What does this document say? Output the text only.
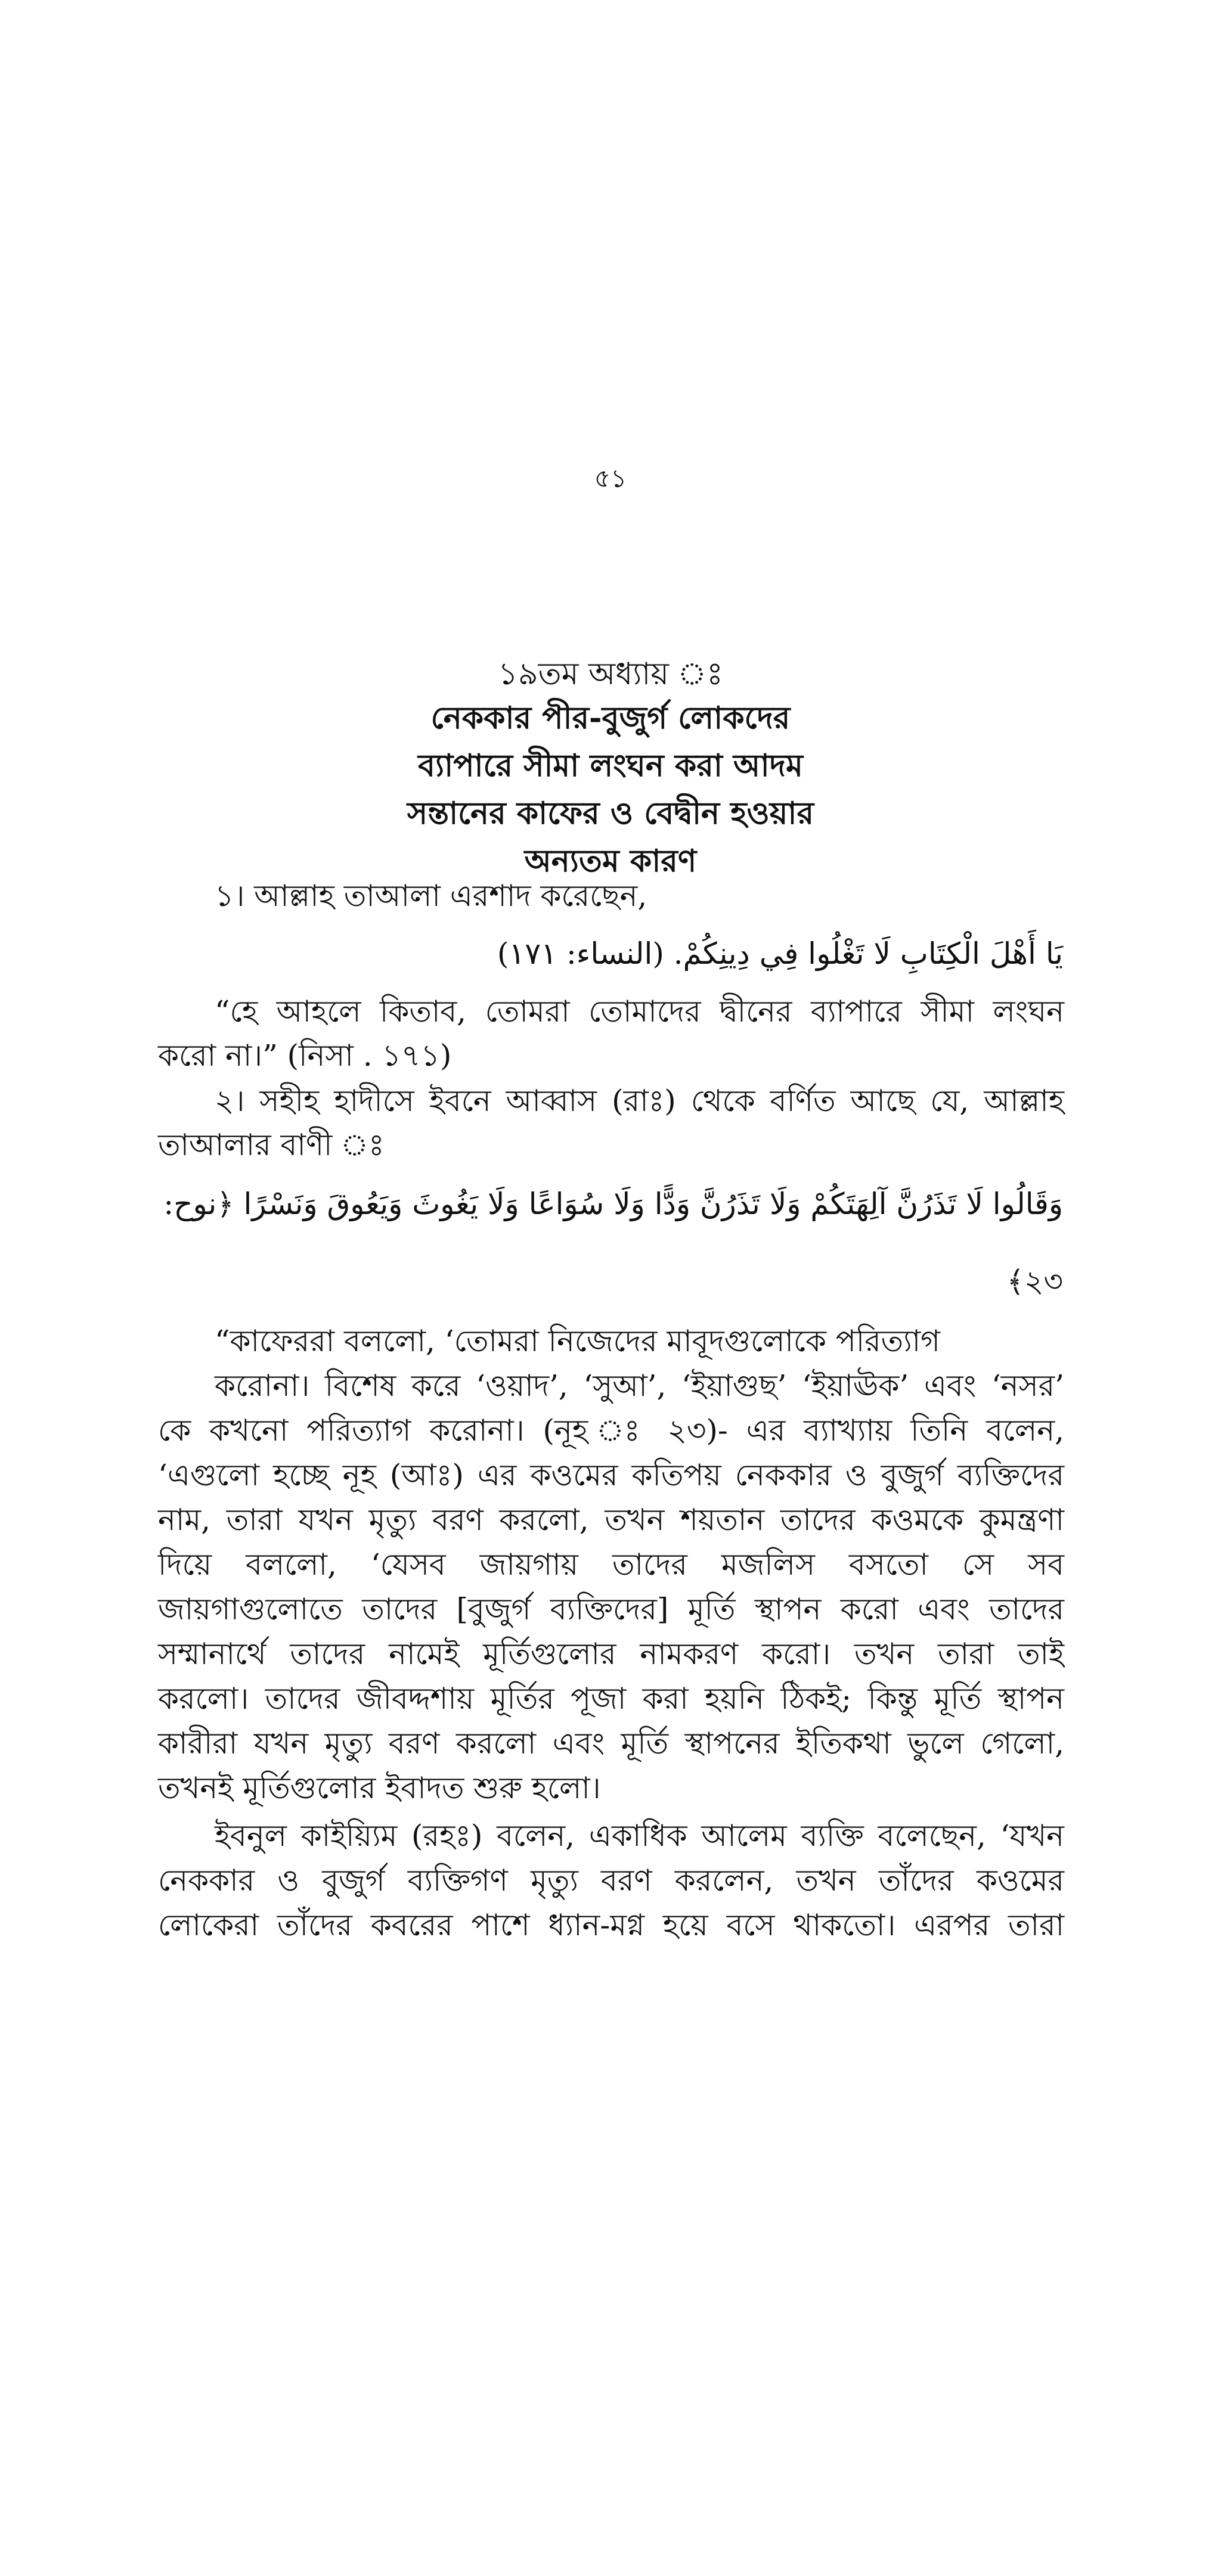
৫১
১৯তম অধ্যায় ঃ
নেককার পীর-বুজুর্গ লোকদের
ব্যাপারে সীমা লংঘন করা আদম
সন্তানের কাফের ও বেদ্বীন হওয়ার
অন্যতম কারণ
১। আল্লাহ তাআলা এরশাদ করেছেন,
يَا أَهْلَ الْكِتَابِ لَا تَغْلُوا فِي دِينِكُمْ. (النساء: ١٧١)
“হে আহলে কিতাব, তোমরা তোমাদের দ্বীনের ব্যাপারে সীমা লংঘন
করো না।” (নিসা . ১৭১)
২। সহীহ হাদীসে ইবনে আব্বাস (রাঃ) থেকে বর্ণিত আছে যে, আল্লাহ
তাআলার বাণী ঃ
وَقَالُوا لَا تَذَرُنَّ آلِهَتَكُمْ وَلَا تَذَرُنَّ وَدًّا وَلَا سُوَاعًا وَلَا يَغُوثَ وَيَعُوقَ وَنَسْرًا ﴿نوح:
২৩﴾
“কাফেররা বললো, ‘তোমরা নিজেদের মাবূদগুলোকে পরিত্যাগ
করোনা। বিশেষ করে ‘ওয়াদ’, ‘সুআ’, ‘ইয়াগুছ’ ‘ইয়াঊক’ এবং ‘নসর’
কে কখনো পরিত্যাগ করোনা। (নূহ ঃ ২৩)- এর ব্যাখ্যায় তিনি বলেন,
‘এগুলো হচ্ছে নূহ (আঃ) এর কওমের কতিপয় নেককার ও বুজুর্গ ব্যক্তিদের
নাম, তারা যখন মৃত্যু বরণ করলো, তখন শয়তান তাদের কওমকে কুমন্ত্রণা
দিয়ে বললো, ‘যেসব জায়গায় তাদের মজলিস বসতো সে সব
জায়গাগুলোতে তাদের [বুজুর্গ ব্যক্তিদের] মূর্তি স্থাপন করো এবং তাদের
সম্মানার্থে তাদের নামেই মূর্তিগুলোর নামকরণ করো। তখন তারা তাই
করলো। তাদের জীবদ্দশায় মূর্তির পূজা করা হয়নি ঠিকই; কিন্তু মূর্তি স্থাপন
কারীরা যখন মৃত্যু বরণ করলো এবং মূর্তি স্থাপনের ইতিকথা ভুলে গেলো,
তখনই মূর্তিগুলোর ইবাদত শুরু হলো।
ইবনুল কাইয়্যিম (রহঃ) বলেন, একাধিক আলেম ব্যক্তি বলেছেন, ‘যখন
নেককার ও বুজুর্গ ব্যক্তিগণ মৃত্যু বরণ করলেন, তখন তাঁদের কওমের
লোকেরা তাঁদের কবরের পাশে ধ্যান-মগ্ন হয়ে বসে থাকতো। এরপর তারা
